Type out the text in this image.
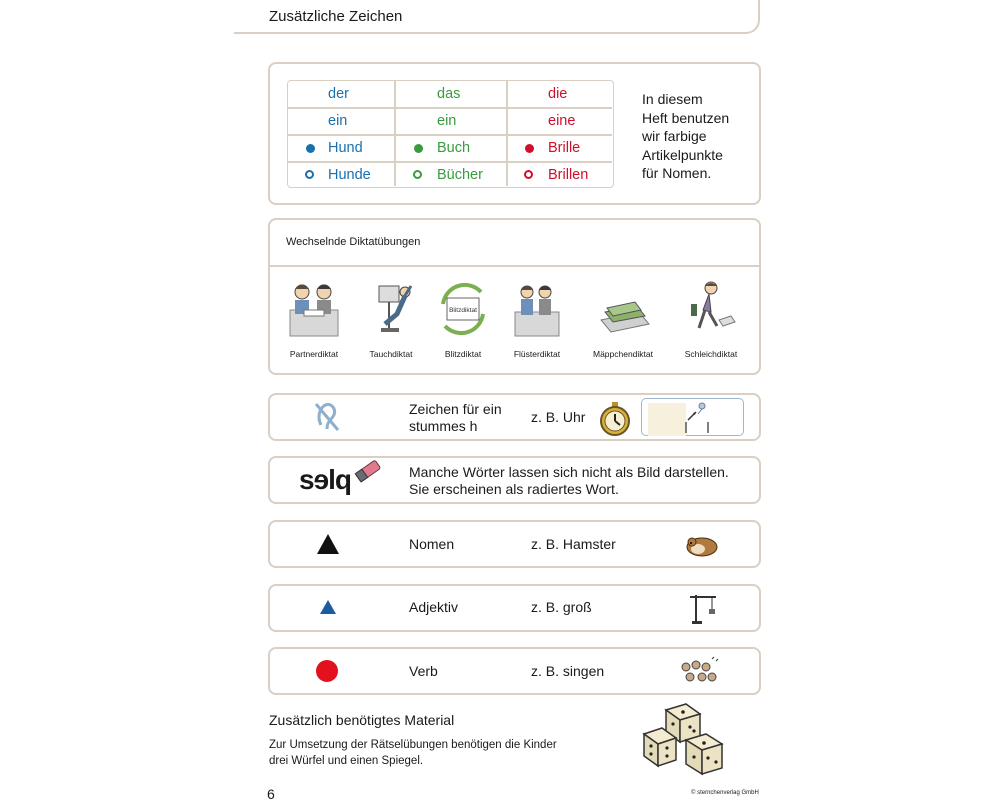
Zusätzliche Zeichen
der	das	die
ein	ein	eine
Hund	Buch	Brille
Hunde	Bücher	Brillen
In diesem
Heft benutzen
wir farbige
Artikelpunkte
für Nomen.
Wechselnde Diktatübungen
Partnerdiktat	Tauchdiktat
Blitzdiktat
Blitzdiktat	Flüsterdiktat	Mäppchendiktat	Schleichdiktat
Zeichen für ein
stummes h
z. B. Uhr
sɘlq	Manche Wörter lassen sich nicht als Bild darstellen.
Sie erscheinen als radiertes Wort.
Nomen	z. B. Hamster
Adjektiv	z. B. groß
Verb	z. B. singen
Zusätzlich benötigtes Material
Zur Umsetzung der Rätselübungen benötigen die Kinder
drei Würfel und einen Spiegel.
6	© sternchenverlag GmbH
